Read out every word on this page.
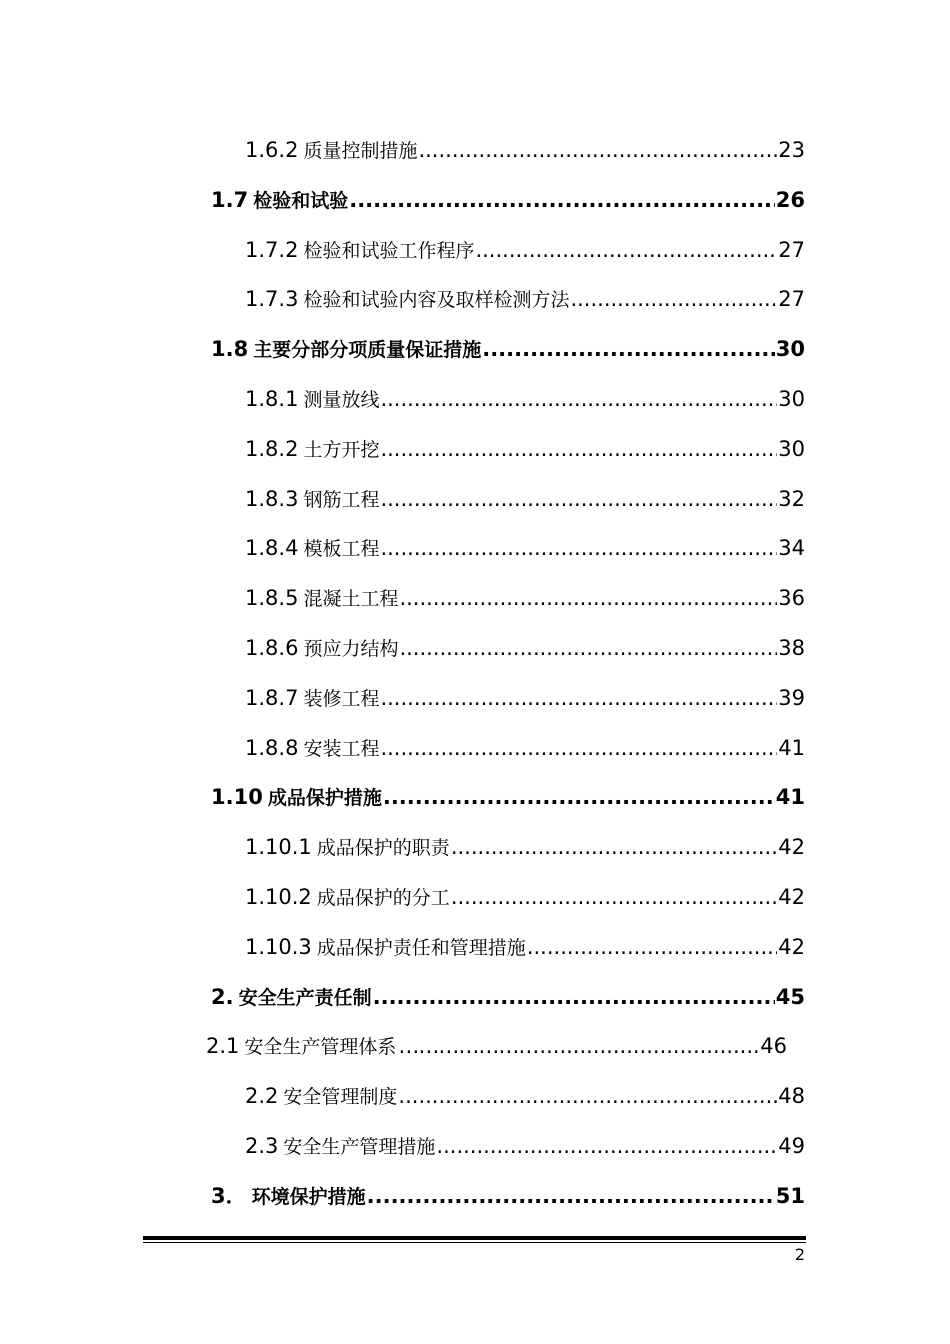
1.6.2 质量控制措施 .....	23
1.7 检验和试验 .....	26
1.7.2 检验和试验工作程序 .....	27
1.7.3 检验和试验内容及取样检测方法 .....	27
1.8 主要分部分项质量保证措施 .....	30
1.8.1 测量放线 .....	30
1.8.2 土方开挖 .....	30
1.8.3 钢筋工程 .....	32
1.8.4 模板工程 .....	34
1.8.5 混凝土工程 .....	36
1.8.6 预应力结构 .....	38
1.8.7 装修工程 .....	39
1.8.8 安装工程 .....	41
1.10 成品保护措施 .....	41
1.10.1 成品保护的职责 .....	42
1.10.2 成品保护的分工 .....	42
1.10.3 成品保护责任和管理措施 .....	42
2. 安全生产责任制 .....	45
2.1 安全生产管理体系 ………………… .....	46
2.2 安全管理制度 .....	48
2.3 安全生产管理措施 .....	49
3． 环境保护措施 .....	51
2
